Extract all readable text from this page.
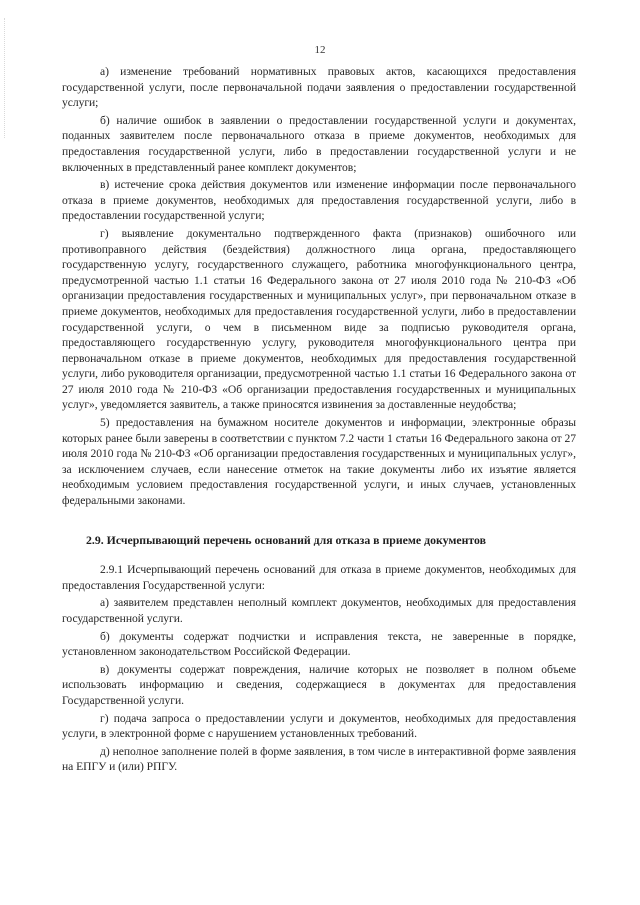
12

а) изменение требований нормативных правовых актов, касающихся предоставления государственной услуги, после первоначальной подачи заявления о предоставлении государственной услуги;

б) наличие ошибок в заявлении о предоставлении государственной услуги и документах, поданных заявителем после первоначального отказа в приеме документов, необходимых для предоставления государственной услуги, либо в предоставлении государственной услуги и не включенных в представленный ранее комплект документов;

в) истечение срока действия документов или изменение информации после первоначального отказа в приеме документов, необходимых для предоставления государственной услуги, либо в предоставлении государственной услуги;

г) выявление документально подтвержденного факта (признаков) ошибочного или противоправного действия (бездействия) должностного лица органа, предоставляющего государственную услугу, государственного служащего, работника многофункционального центра, предусмотренной частью 1.1 статьи 16 Федерального закона от 27 июля 2010 года № 210-ФЗ «Об организации предоставления государственных и муниципальных услуг», при первоначальном отказе в приеме документов, необходимых для предоставления государственной услуги, либо в предоставлении государственной услуги, о чем в письменном виде за подписью руководителя органа, предоставляющего государственную услугу, руководителя многофункционального центра при первоначальном отказе в приеме документов, необходимых для предоставления государственной услуги, либо руководителя организации, предусмотренной частью 1.1 статьи 16 Федерального закона от 27 июля 2010 года № 210-ФЗ «Об организации предоставления государственных и муниципальных услуг», уведомляется заявитель, а также приносятся извинения за доставленные неудобства;

5) предоставления на бумажном носителе документов и информации, электронные образы которых ранее были заверены в соответствии с пунктом 7.2 части 1 статьи 16 Федерального закона от 27 июля 2010 года № 210-ФЗ «Об организации предоставления государственных и муниципальных услуг», за исключением случаев, если нанесение отметок на такие документы либо их изъятие является необходимым условием предоставления государственной услуги, и иных случаев, установленных федеральными законами.

2.9. Исчерпывающий перечень оснований для отказа в приеме документов

2.9.1 Исчерпывающий перечень оснований для отказа в приеме документов, необходимых для предоставления Государственной услуги:

а) заявителем представлен неполный комплект документов, необходимых для предоставления государственной услуги.

б) документы содержат подчистки и исправления текста, не заверенные в порядке, установленном законодательством Российской Федерации.

в) документы содержат повреждения, наличие которых не позволяет в полном объеме использовать информацию и сведения, содержащиеся в документах для предоставления Государственной услуги.

г) подача запроса о предоставлении услуги и документов, необходимых для предоставления услуги, в электронной форме с нарушением установленных требований.

д) неполное заполнение полей в форме заявления, в том числе в интерактивной форме заявления на ЕПГУ и (или) РПГУ.
